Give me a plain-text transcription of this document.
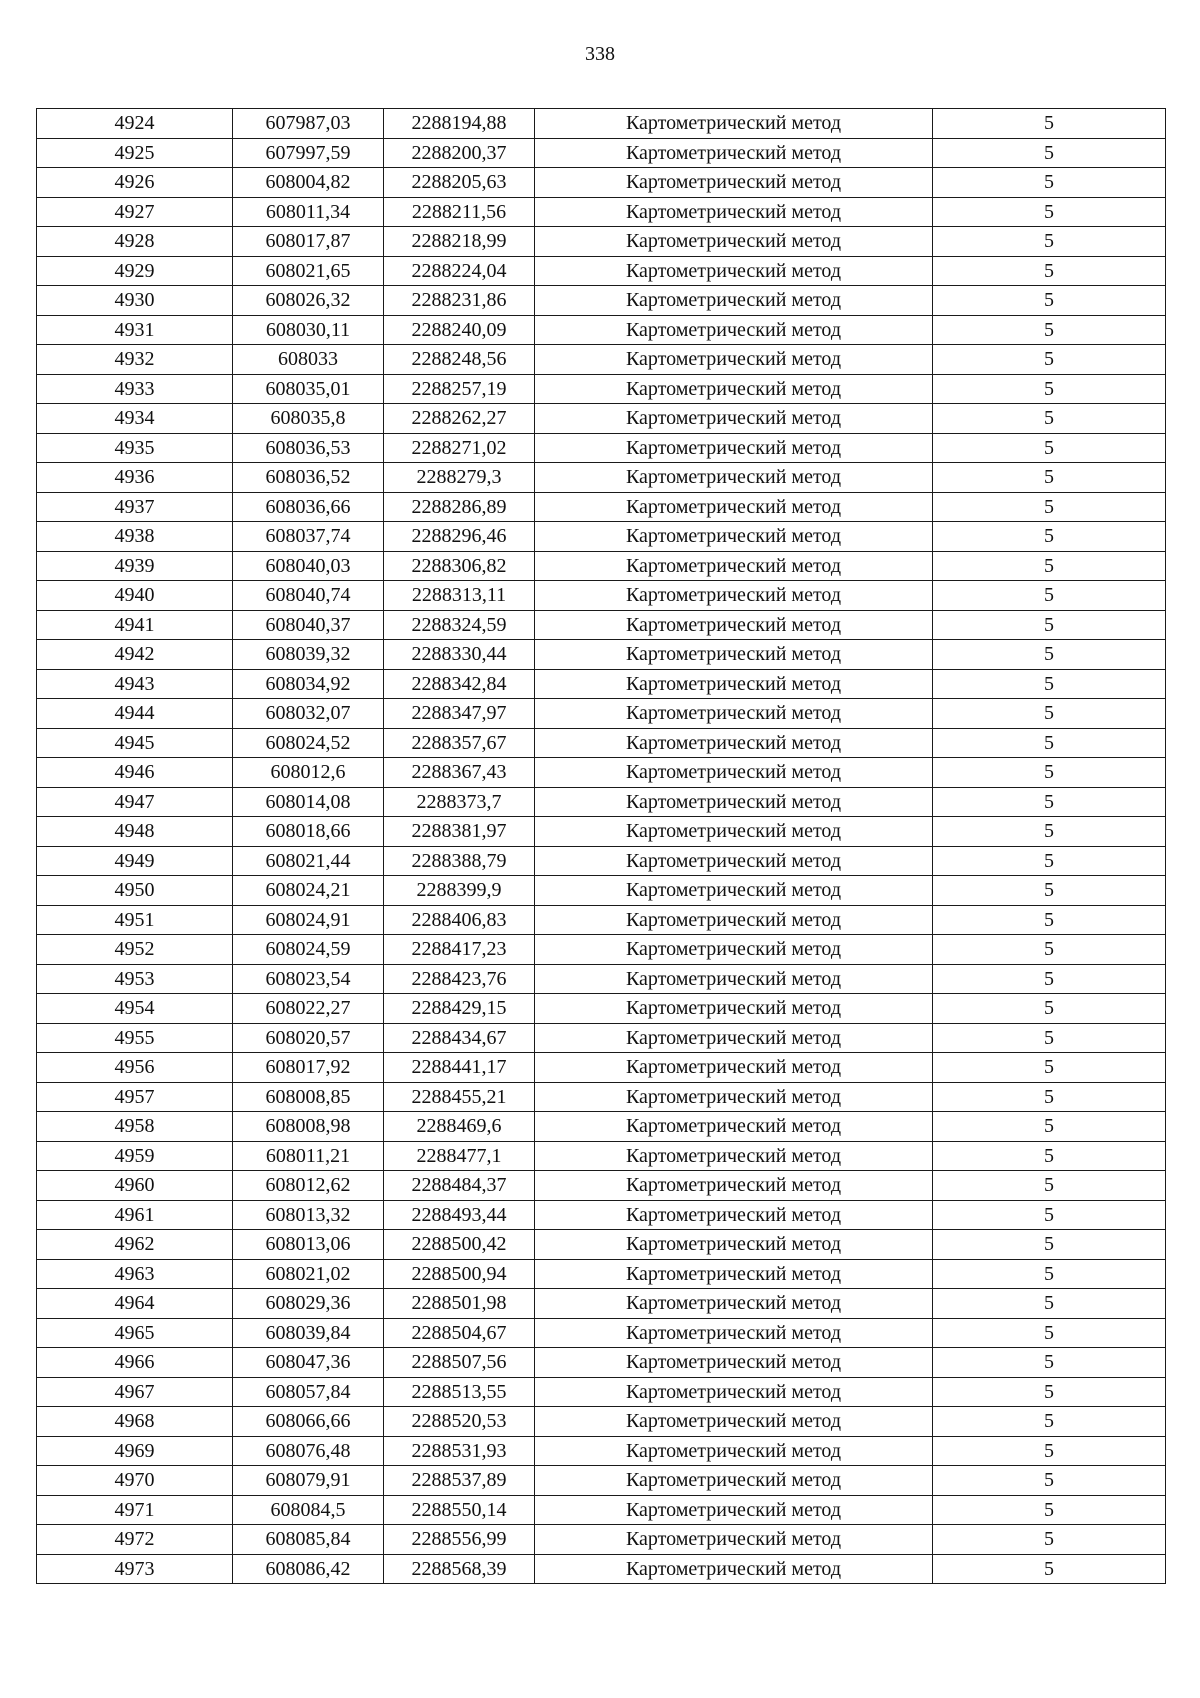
338
4924	607987,03	2288194,88	Картометрический метод	5
4925	607997,59	2288200,37	Картометрический метод	5
4926	608004,82	2288205,63	Картометрический метод	5
4927	608011,34	2288211,56	Картометрический метод	5
4928	608017,87	2288218,99	Картометрический метод	5
4929	608021,65	2288224,04	Картометрический метод	5
4930	608026,32	2288231,86	Картометрический метод	5
4931	608030,11	2288240,09	Картометрический метод	5
4932	608033	2288248,56	Картометрический метод	5
4933	608035,01	2288257,19	Картометрический метод	5
4934	608035,8	2288262,27	Картометрический метод	5
4935	608036,53	2288271,02	Картометрический метод	5
4936	608036,52	2288279,3	Картометрический метод	5
4937	608036,66	2288286,89	Картометрический метод	5
4938	608037,74	2288296,46	Картометрический метод	5
4939	608040,03	2288306,82	Картометрический метод	5
4940	608040,74	2288313,11	Картометрический метод	5
4941	608040,37	2288324,59	Картометрический метод	5
4942	608039,32	2288330,44	Картометрический метод	5
4943	608034,92	2288342,84	Картометрический метод	5
4944	608032,07	2288347,97	Картометрический метод	5
4945	608024,52	2288357,67	Картометрический метод	5
4946	608012,6	2288367,43	Картометрический метод	5
4947	608014,08	2288373,7	Картометрический метод	5
4948	608018,66	2288381,97	Картометрический метод	5
4949	608021,44	2288388,79	Картометрический метод	5
4950	608024,21	2288399,9	Картометрический метод	5
4951	608024,91	2288406,83	Картометрический метод	5
4952	608024,59	2288417,23	Картометрический метод	5
4953	608023,54	2288423,76	Картометрический метод	5
4954	608022,27	2288429,15	Картометрический метод	5
4955	608020,57	2288434,67	Картометрический метод	5
4956	608017,92	2288441,17	Картометрический метод	5
4957	608008,85	2288455,21	Картометрический метод	5
4958	608008,98	2288469,6	Картометрический метод	5
4959	608011,21	2288477,1	Картометрический метод	5
4960	608012,62	2288484,37	Картометрический метод	5
4961	608013,32	2288493,44	Картометрический метод	5
4962	608013,06	2288500,42	Картометрический метод	5
4963	608021,02	2288500,94	Картометрический метод	5
4964	608029,36	2288501,98	Картометрический метод	5
4965	608039,84	2288504,67	Картометрический метод	5
4966	608047,36	2288507,56	Картометрический метод	5
4967	608057,84	2288513,55	Картометрический метод	5
4968	608066,66	2288520,53	Картометрический метод	5
4969	608076,48	2288531,93	Картометрический метод	5
4970	608079,91	2288537,89	Картометрический метод	5
4971	608084,5	2288550,14	Картометрический метод	5
4972	608085,84	2288556,99	Картометрический метод	5
4973	608086,42	2288568,39	Картометрический метод	5
